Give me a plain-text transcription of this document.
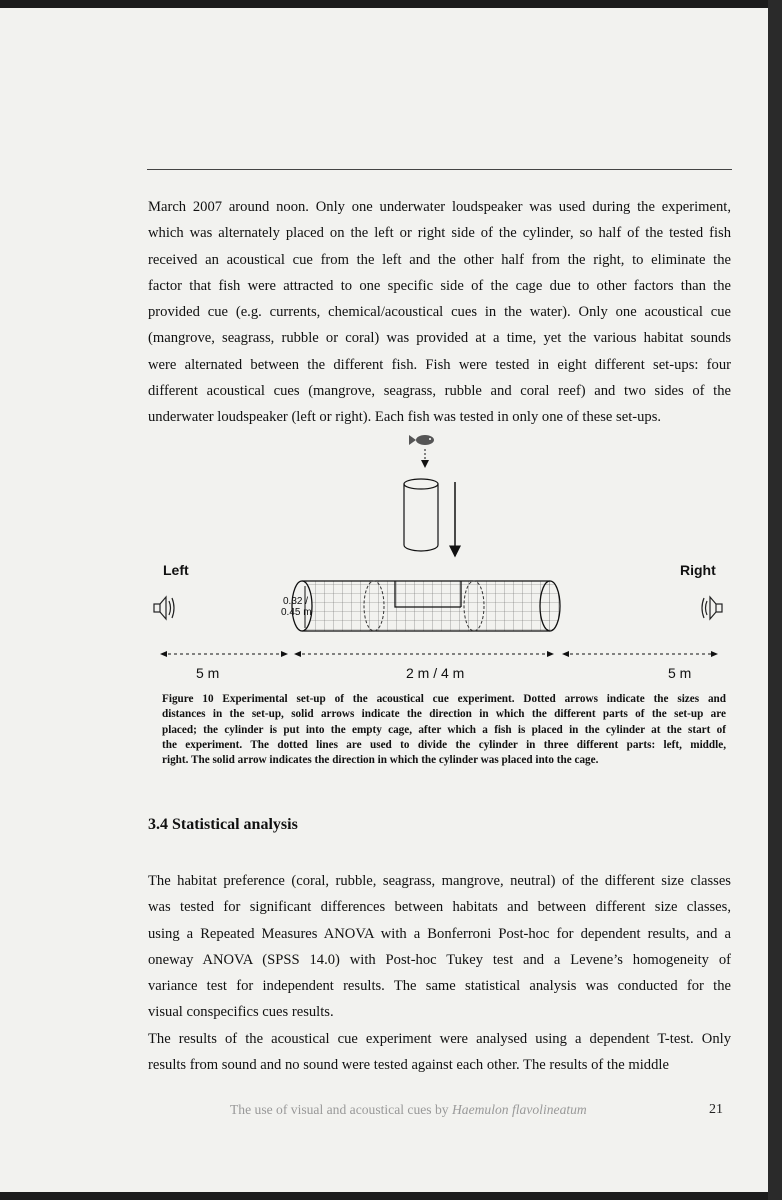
March 2007 around noon. Only one underwater loudspeaker was used during the experiment,
which was alternately placed on the left or right side of the cylinder, so half of the tested fish
received an acoustical cue from the left and the other half from the right, to eliminate the
factor that fish were attracted to one specific side of the cage due to other factors than the
provided cue (e.g. currents, chemical/acoustical cues in the water). Only one acoustical cue
(mangrove, seagrass, rubble or coral) was provided at a time, yet the various habitat sounds
were alternated between the different fish. Fish were tested in eight different set-ups: four
different acoustical cues (mangrove, seagrass, rubble and coral reef) and two sides of the
underwater loudspeaker (left or right). Each fish was tested in only one of these set-ups.

Left	Right
0.32 /
0.45 m
5 m	2 m / 4 m	5 m

Figure 10 Experimental set-up of the acoustical cue experiment. Dotted arrows indicate the sizes and
distances in the set-up, solid arrows indicate the direction in which the different parts of the set-up are
placed; the cylinder is put into the empty cage, after which a fish is placed in the cylinder at the start of
the experiment. The dotted lines are used to divide the cylinder in three different parts: left, middle,
right. The solid arrow indicates the direction in which the cylinder was placed into the cage.

3.4 Statistical analysis

The habitat preference (coral, rubble, seagrass, mangrove, neutral) of the different size classes
was tested for significant differences between habitats and between different size classes,
using a Repeated Measures ANOVA with a Bonferroni Post-hoc for dependent results, and a
oneway ANOVA (SPSS 14.0) with Post-hoc Tukey test and a Levene’s homogeneity of
variance test for independent results. The same statistical analysis was conducted for the
visual conspecifics cues results.

The results of the acoustical cue experiment were analysed using a dependent T-test. Only
results from sound and no sound were tested against each other. The results of the middle

The use of visual and acoustical cues by Haemulon flavolineatum	21
